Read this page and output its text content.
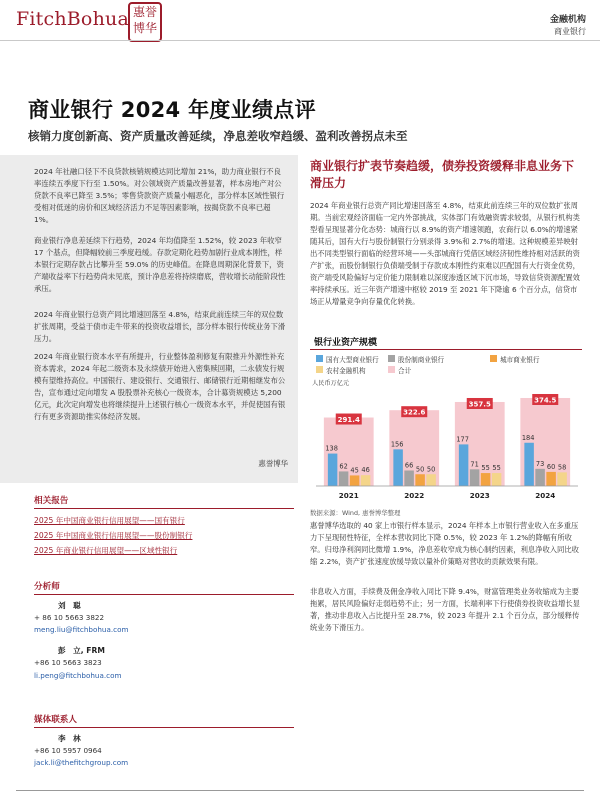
FitchBohua 惠誉
博华
金融机构
商业银行
商业银行 2024 年度业绩点评
核销力度创新高、资产质量改善延续，净息差收窄趋缓、盈利改善拐点未至

2024 年社融口径下不良贷款核销规模达同比增加 21%，助力商业银行不良率连续五季度下行至 1.50%。对公领域资产质量改善显著，样本房地产对公贷款不良率已降至 3.5%；零售贷款资产质量小幅恶化，部分样本区域性银行受相对低迷的房价和区域经济活力不足等因素影响，按揭贷款不良率已超 1%。

商业银行净息差延续下行趋势，2024 年均值降至 1.52%，较 2023 年收窄 17 个基点，但降幅较前三季度趋缓。存款定期化趋势加剧行业成本刚性，样本银行定期存款占比攀升至 59.0% 的历史峰值。在降息周期深化背景下，资产端收益率下行趋势尚未见底，预计净息差将持续磨底，营收增长动能阶段性承压。

2024 年商业银行总资产同比增速回落至 4.8%，结束此前连续三年的双位数扩张周期，受益于债市走牛带来的投资收益增长，部分样本银行传统业务下滑压力。

2024 年商业银行资本水平有所提升，行业整体盈利修复有限推升外源性补充资本需求，2024 年起二级资本及永续债开始进入密集赎回期，二永债发行规模有望维持高位。中国银行、建设银行、交通银行、邮储银行近期相继发布公告，宣布通过定向增发 A 股股票补充核心一级资本，合计募资规模达 5,200 亿元，此次定向增发也将继续提升上述银行核心一级资本水平，并促使国有银行有更多资源助推实体经济发展。

惠誉博华
相关报告
2025 年中国商业银行信用展望——国有银行
2025 年中国商业银行信用展望——股份制银行
2025 年商业银行信用展望——区域性银行
分析师
刘　聪
+ 86 10 5663 3822
meng.liu@fitchbohua.com
彭　立, FRM
+86 10 5663 3823
li.peng@fitchbohua.com
媒体联系人
李　林
+86 10 5957 0964
jack.li@thefitchgroup.com
商业银行扩表节奏趋缓，债券投资缓释非息业务下滑压力

2024 年商业银行总资产同比增速回落至 4.8%，结束此前连续三年的双位数扩张周期。当前宏观经济面临一定内外部挑战，实体部门有效融资需求较弱，从银行机构类型看呈现显著分化态势：城商行以 8.9%的资产增速领跑，农商行以 6.0%的增速紧随其后，国有大行与股份制银行分别录得 3.9%和 2.7%的增速。这种规模差异映射出不同类型银行面临的经营环境——头部城商行凭借区域经济韧性维持相对活跃的资产扩张，而股份制银行负债端受制于存款成本刚性约束难以匹配国有大行资金优势，资产端受风险偏好与定价能力限制难以深度渗透区域下沉市场，导致信贷资源配置效率持续承压。近三年资产增速中枢较 2019 至 2021 年下降逾 6 个百分点，信贷市场正从增量竞争向存量优化转换。

银行业资产规模
国有大型商业银行	股份制商业银行	城市商业银行
农村金融机构	合计
人民币万亿元
291.4
138
62 45 46
2021
322.6
156
66 50 50
2022
357.5
177
71 55 55
2023
374.5
184
73 60 58
2024
数据来源：Wind, 惠誉博华整理

惠誉博华选取的 40 家上市银行样本显示，2024 年样本上市银行营业收入在多重压力下呈现韧性特征，全样本营收同比下降 0.5%，较 2023 年 1.2%的降幅有所收窄。归母净利润同比微增 1.9%，净息差收窄成为核心制约因素，利息净收入同比收缩 2.2%，资产扩张速度放缓导致以量补价策略对营收的贡献效果有限。

非息收入方面，手续费及佣金净收入同比下降 9.4%，财富管理类业务收缩成为主要拖累，居民风险偏好走弱趋势不止；另一方面，长端利率下行使债券投资收益增长显著，推动非息收入占比提升至 28.7%，较 2023 年提升 2.1 个百分点，部分缓释传统业务下滑压力。
